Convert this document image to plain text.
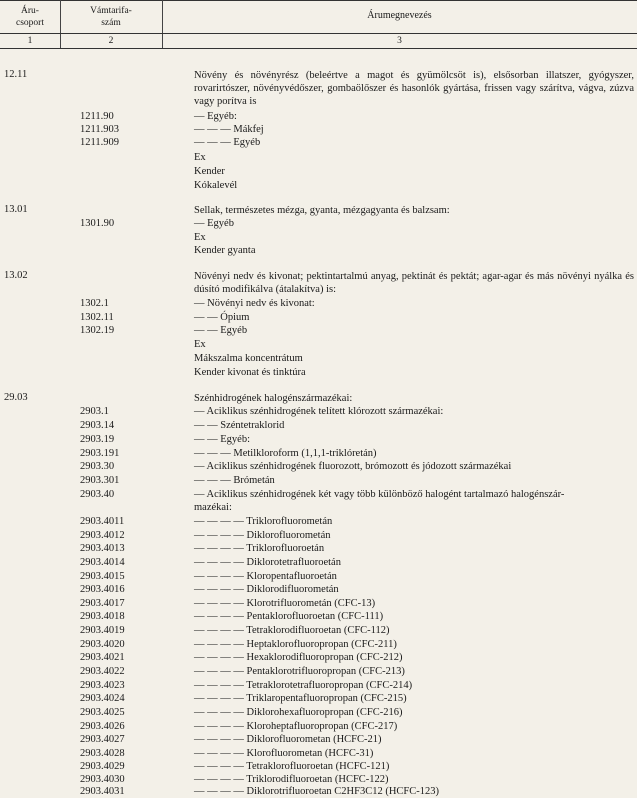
Áru-
csoport
Vámtarifa-
szám
Árumegnevezés
1	2	3
12.11	Növény és növényrész (beleértve a magot és gyümölcsöt is), elsősorban illatszer, gyógyszer, rovarirtószer, növényvédőszer, gombaölőszer és hasonlók gyártása, frissen vagy szárítva, vágva, zúzva vagy porítva is
1211.90	— Egyéb:
1211.903	— — — Mákfej
1211.909	— — — Egyéb
Ex
Kender
Kókalevél
13.01	Sellak, természetes mézga, gyanta, mézgagyanta és balzsam:
1301.90	— Egyéb
Ex
Kender gyanta
13.02	Növényi nedv és kivonat; pektintartalmú anyag, pektinát és pektát; agar-agar és más növényi nyálka és dúsító modifikálva (átalakítva) is:
1302.1	— Növényi nedv és kivonat:
1302.11	— — Ópium
1302.19	— — Egyéb
Ex
Mákszalma koncentrátum
Kender kivonat és tinktúra
29.03	Szénhidrogének halogénszármazékai:
2903.1	— Aciklikus szénhidrogének telített klórozott származékai:
2903.14	— — Széntetraklorid
2903.19	— — Egyéb:
2903.191	— — — Metilkloroform (1,1,1-triklóretán)
2903.30	— Aciklikus szénhidrogének fluorozott, brómozott és jódozott származékai
2903.301	— — — Brómetán
2903.40	— Aciklikus szénhidrogének két vagy több különböző halogént tartalmazó halogénszár-
mazékai:
2903.4011	— — — — Triklorofluorometán
2903.4012	— — — — Diklorofluorometán
2903.4013	— — — — Triklorofluoroetán
2903.4014	— — — — Diklorotetrafluoroetán
2903.4015	— — — — Kloropentafluoroetán
2903.4016	— — — — Diklorodifluorometán
2903.4017	— — — — Klorotrifluorometán (CFC-13)
2903.4018	— — — — Pentaklorofluoroetan (CFC-111)
2903.4019	— — — — Tetraklorodifluoroetan (CFC-112)
2903.4020	— — — — Heptaklorofluoropropan (CFC-211)
2903.4021	— — — — Hexaklorodifluoropropan (CFC-212)
2903.4022	— — — — Pentaklorotrifluoropropan (CFC-213)
2903.4023	— — — — Tetraklorotetrafluoropropan (CFC-214)
2903.4024	— — — — Triklaropentafluoropropan (CFC-215)
2903.4025	— — — — Diklorohexafluoropropan (CFC-216)
2903.4026	— — — — Kloroheptafluoropropan (CFC-217)
2903.4027	— — — — Diklorofluorometan (HCFC-21)
2903.4028	— — — — Klorofluorometan (HCFC-31)
2903.4029	— — — — Tetraklorofluoroetan (HCFC-121)
2903.4030	— — — — Triklorodifluoroetan (HCFC-122)
2903.4031	— — — — Diklorotrifluoroetan C2HF3C12 (HCFC-123)
